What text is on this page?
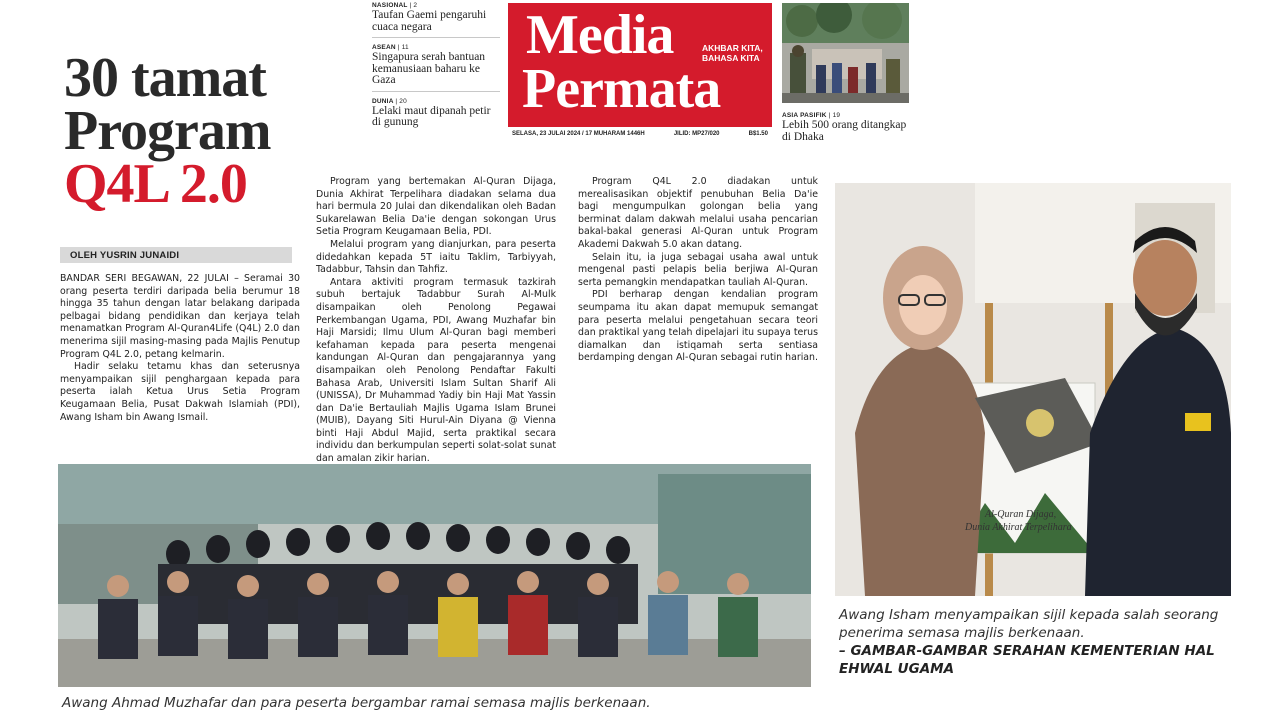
NASIONAL | 2
Taufan Gaemi pengaruhi cuaca negara
ASEAN | 11
Singapura serah bantuan kemanusiaan baharu ke Gaza
DUNIA | 20
Lelaki maut dipanah petir di gunung
Media
Permata
AKHBAR KITA, BAHASA KITA
SELASA, 23 JULAI 2024 / 17 MUHARAM 1446H	JILID: MP27/020	B$1.50
ASIA PASIFIK | 19
Lebih 500 orang ditangkap di Dhaka
30 tamat
Program
Q4L 2.0
OLEH YUSRIN JUNAIDI

BANDAR SERI BEGAWAN, 22 JULAI – Seramai 30 orang peserta terdiri daripada belia berumur 18 hingga 35 tahun dengan latar belakang daripada pelbagai bidang pendidikan dan kerjaya telah menamatkan Program Al-Quran4Life (Q4L) 2.0 dan menerima sijil masing-masing pada Majlis Penutup Program Q4L 2.0, petang kelmarin.

Hadir selaku tetamu khas dan seterusnya menyampaikan sijil penghargaan kepada para peserta ialah Ketua Urus Setia Program Keugamaan Belia, Pusat Dakwah Islamiah (PDI), Awang Isham bin Awang Ismail.

Program yang bertemakan Al-Quran Dijaga, Dunia Akhirat Terpelihara diadakan selama dua hari bermula 20 Julai dan dikendalikan oleh Badan Sukarelawan Belia Da'ie dengan sokongan Urus Setia Program Keugamaan Belia, PDI.

Melalui program yang dianjurkan, para peserta didedahkan kepada 5T iaitu Taklim, Tarbiyyah, Tadabbur, Tahsin dan Tahfiz.

Antara aktiviti program termasuk tazkirah subuh bertajuk Tadabbur Surah Al-Mulk disampaikan oleh Penolong Pegawai Perkembangan Ugama, PDI, Awang Muzhafar bin Haji Marsidi; Ilmu Ulum Al-Quran bagi memberi kefahaman kepada para peserta mengenai kandungan Al-Quran dan pengajarannya yang disampaikan oleh Penolong Pendaftar Fakulti Bahasa Arab, Universiti Islam Sultan Sharif Ali (UNISSA), Dr Muhammad Yadiy bin Haji Mat Yassin dan Da'ie Bertauliah Majlis Ugama Islam Brunei (MUIB), Dayang Siti Hurul-Ain Diyana @ Vienna binti Haji Abdul Majid, serta praktikal secara individu dan berkumpulan seperti solat-solat sunat dan amalan zikir harian.

Program Q4L 2.0 diadakan untuk merealisasikan objektif penubuhan Belia Da'ie bagi mengumpulkan golongan belia yang berminat dalam dakwah melalui usaha pencarian bakal-bakal generasi Al-Quran untuk Program Akademi Dakwah 5.0 akan datang.

Selain itu, ia juga sebagai usaha awal untuk mengenal pasti pelapis belia berjiwa Al-Quran serta pemangkin mendapatkan tauliah Al-Quran.

PDI berharap dengan kendalian program seumpama itu akan dapat memupuk semangat para peserta melalui pengetahuan secara teori dan praktikal yang telah dipelajari itu supaya terus diamalkan dan istiqamah serta sentiasa berdamping dengan Al-Quran sebagai rutin harian.

Al-Quran Dijaga,
Dunia Akhirat Terpelihara
Awang Isham menyampaikan sijil kepada salah seorang penerima semasa majlis berkenaan.
– GAMBAR-GAMBAR SERAHAN KEMENTERIAN HAL EHWAL UGAMA
Awang Ahmad Muzhafar dan para peserta bergambar ramai semasa majlis berkenaan.
